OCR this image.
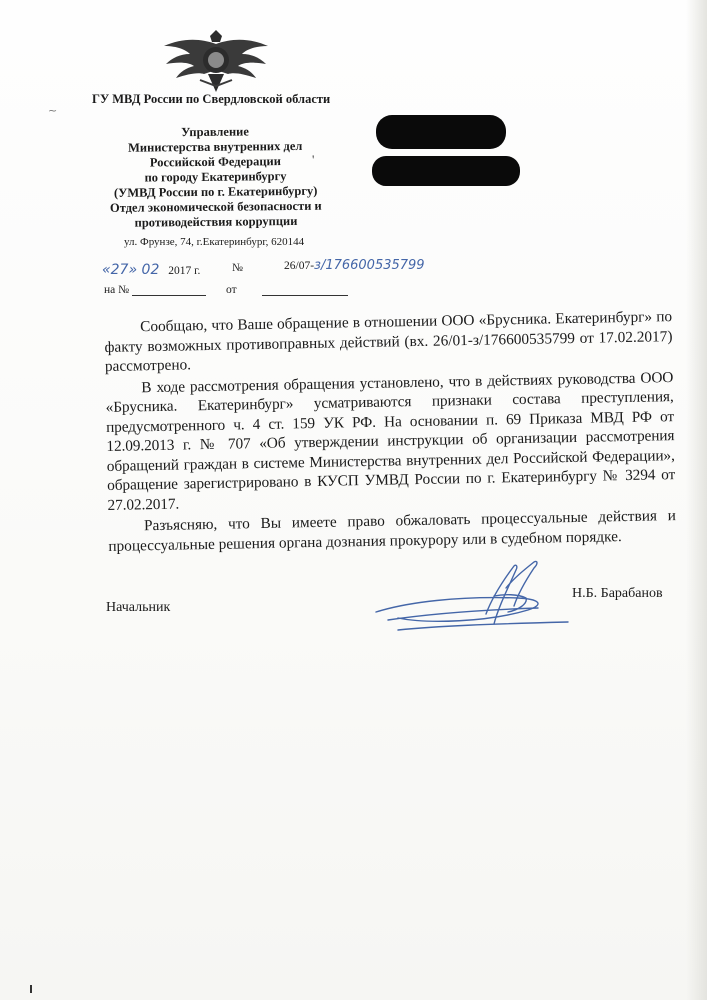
ГУ МВД России по Свердловской области
~
Управление
Министерства внутренних дел
Российской Федерации
по городу Екатеринбургу
(УМВД России по г. Екатеринбургу)
Отдел экономической безопасности и
противодействия коррупции
ул. Фрунзе, 74, г.Екатеринбург, 620144
'
«27» 02 2017 г.	№	26/07-з/176600535799
на №	от

Сообщаю, что Ваше обращение в отношении ООО «Брусника. Екатеринбург» по факту возможных противоправных действий (вх. 26/01-з/176600535799 от 17.02.2017) рассмотрено.

В ходе рассмотрения обращения установлено, что в действиях руководства ООО «Брусника. Екатеринбург» усматриваются признаки состава преступления, предусмотренного ч. 4 ст. 159 УК РФ. На основании п. 69 Приказа МВД РФ от 12.09.2013 г. № 707 «Об утверждении инструкции об организации рассмотрения обращений граждан в системе Министерства внутренних дел Российской Федерации», обращение зарегистрировано в КУСП УМВД России по г. Екатеринбургу № 3294 от 27.02.2017.

Разъясняю, что Вы имеете право обжаловать процессуальные действия и процессуальные решения органа дознания прокурору или в судебном порядке.

Начальник
Н.Б. Барабанов
